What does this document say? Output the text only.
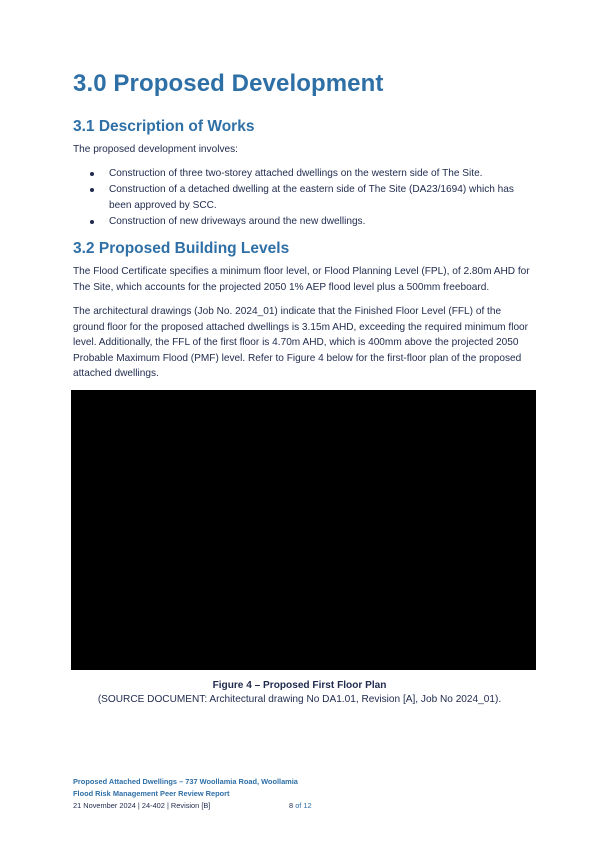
3.0 Proposed Development
3.1 Description of Works

The proposed development involves:

Construction of three two-storey attached dwellings on the western side of The Site.
Construction of a detached dwelling at the eastern side of The Site (DA23/1694) which has been approved by SCC.
Construction of new driveways around the new dwellings.
3.2 Proposed Building Levels

The Flood Certificate specifies a minimum floor level, or Flood Planning Level (FPL), of 2.80m AHD for The Site, which accounts for the projected 2050 1% AEP flood level plus a 500mm freeboard.

The architectural drawings (Job No. 2024_01) indicate that the Finished Floor Level (FFL) of the ground floor for the proposed attached dwellings is 3.15m AHD, exceeding the required minimum floor level. Additionally, the FFL of the first floor is 4.70m AHD, which is 400mm above the projected 2050 Probable Maximum Flood (PMF) level. Refer to Figure 4 below for the first-floor plan of the proposed attached dwellings.

Figure 4 – Proposed First Floor Plan
(SOURCE DOCUMENT: Architectural drawing No DA1.01, Revision [A], Job No 2024_01).
Proposed Attached Dwellings – 737 Woollamia Road, Woollamia
Flood Risk Management Peer Review Report
21 November 2024 | 24-402 | Revision [B]	8 of 12
